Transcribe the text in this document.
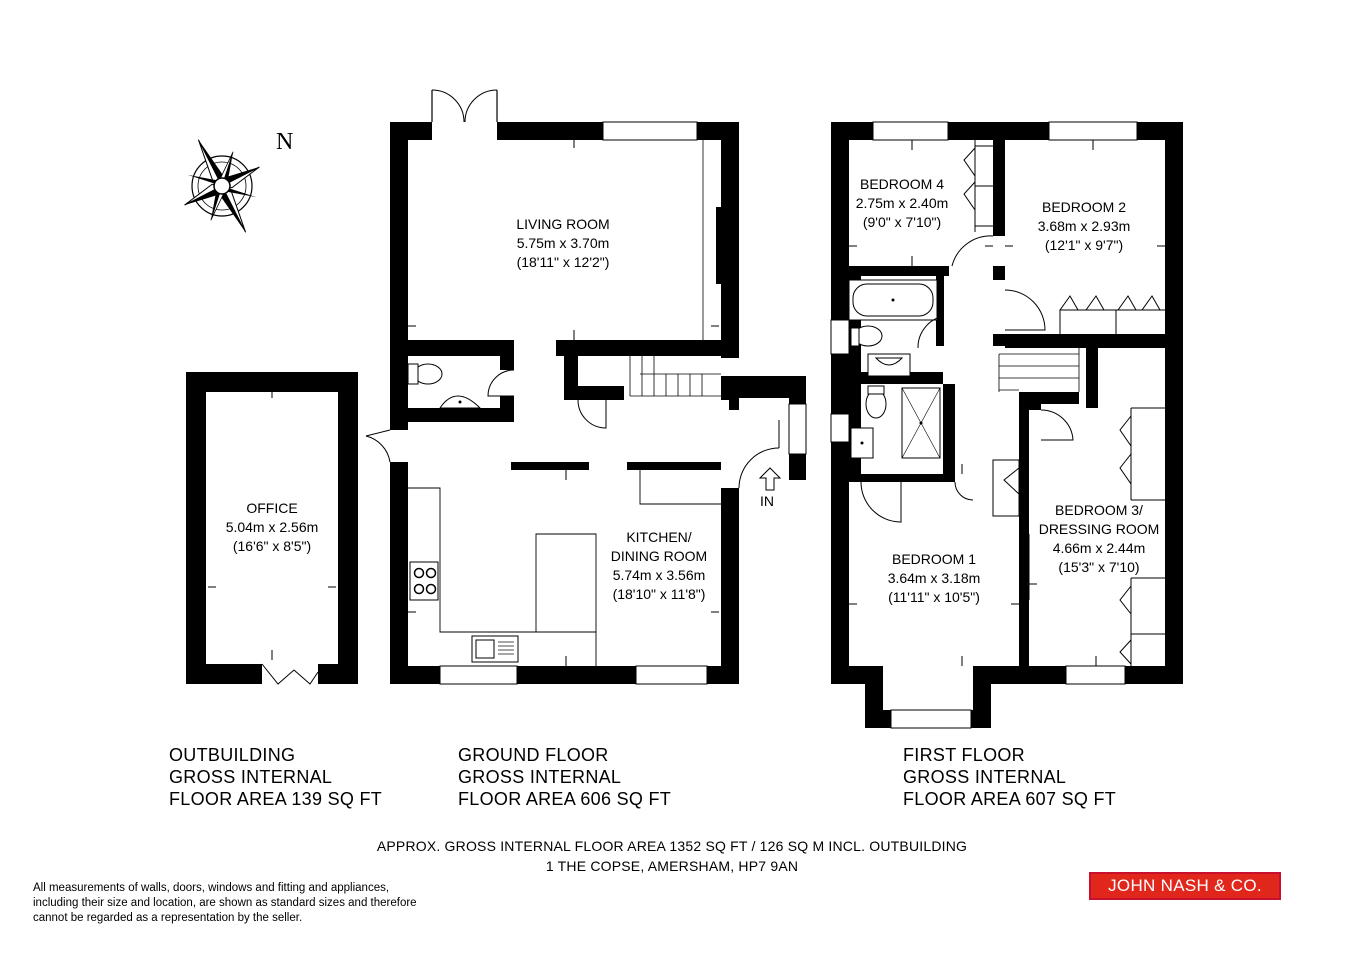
N
OFFICE
5.04m x 2.56m
(16'6" x 8'5")
LIVING ROOM
5.75m x 3.70m
(18'11" x 12'2")
KITCHEN/
DINING ROOM
5.74m x 3.56m
(18'10" x 11'8")
IN
BEDROOM 4
2.75m x 2.40m
(9'0" x 7'10")
BEDROOM 2
3.68m x 2.93m
(12'1" x 9'7")
BEDROOM 1
3.64m x 3.18m
(11'11" x 10'5")
BEDROOM 3/
DRESSING ROOM
4.66m x 2.44m
(15'3" x 7'10)
OUTBUILDING
GROSS INTERNAL
FLOOR AREA 139 SQ FT
GROUND FLOOR
GROSS INTERNAL
FLOOR AREA 606 SQ FT
FIRST FLOOR
GROSS INTERNAL
FLOOR AREA 607 SQ FT
APPROX. GROSS INTERNAL FLOOR AREA 1352 SQ FT / 126 SQ M INCL. OUTBUILDING
1 THE COPSE, AMERSHAM, HP7 9AN
All measurements of walls, doors, windows and fitting and appliances,
including their size and location, are shown as standard sizes and therefore
cannot be regarded as a representation by the seller.
JOHN NASH & CO.
